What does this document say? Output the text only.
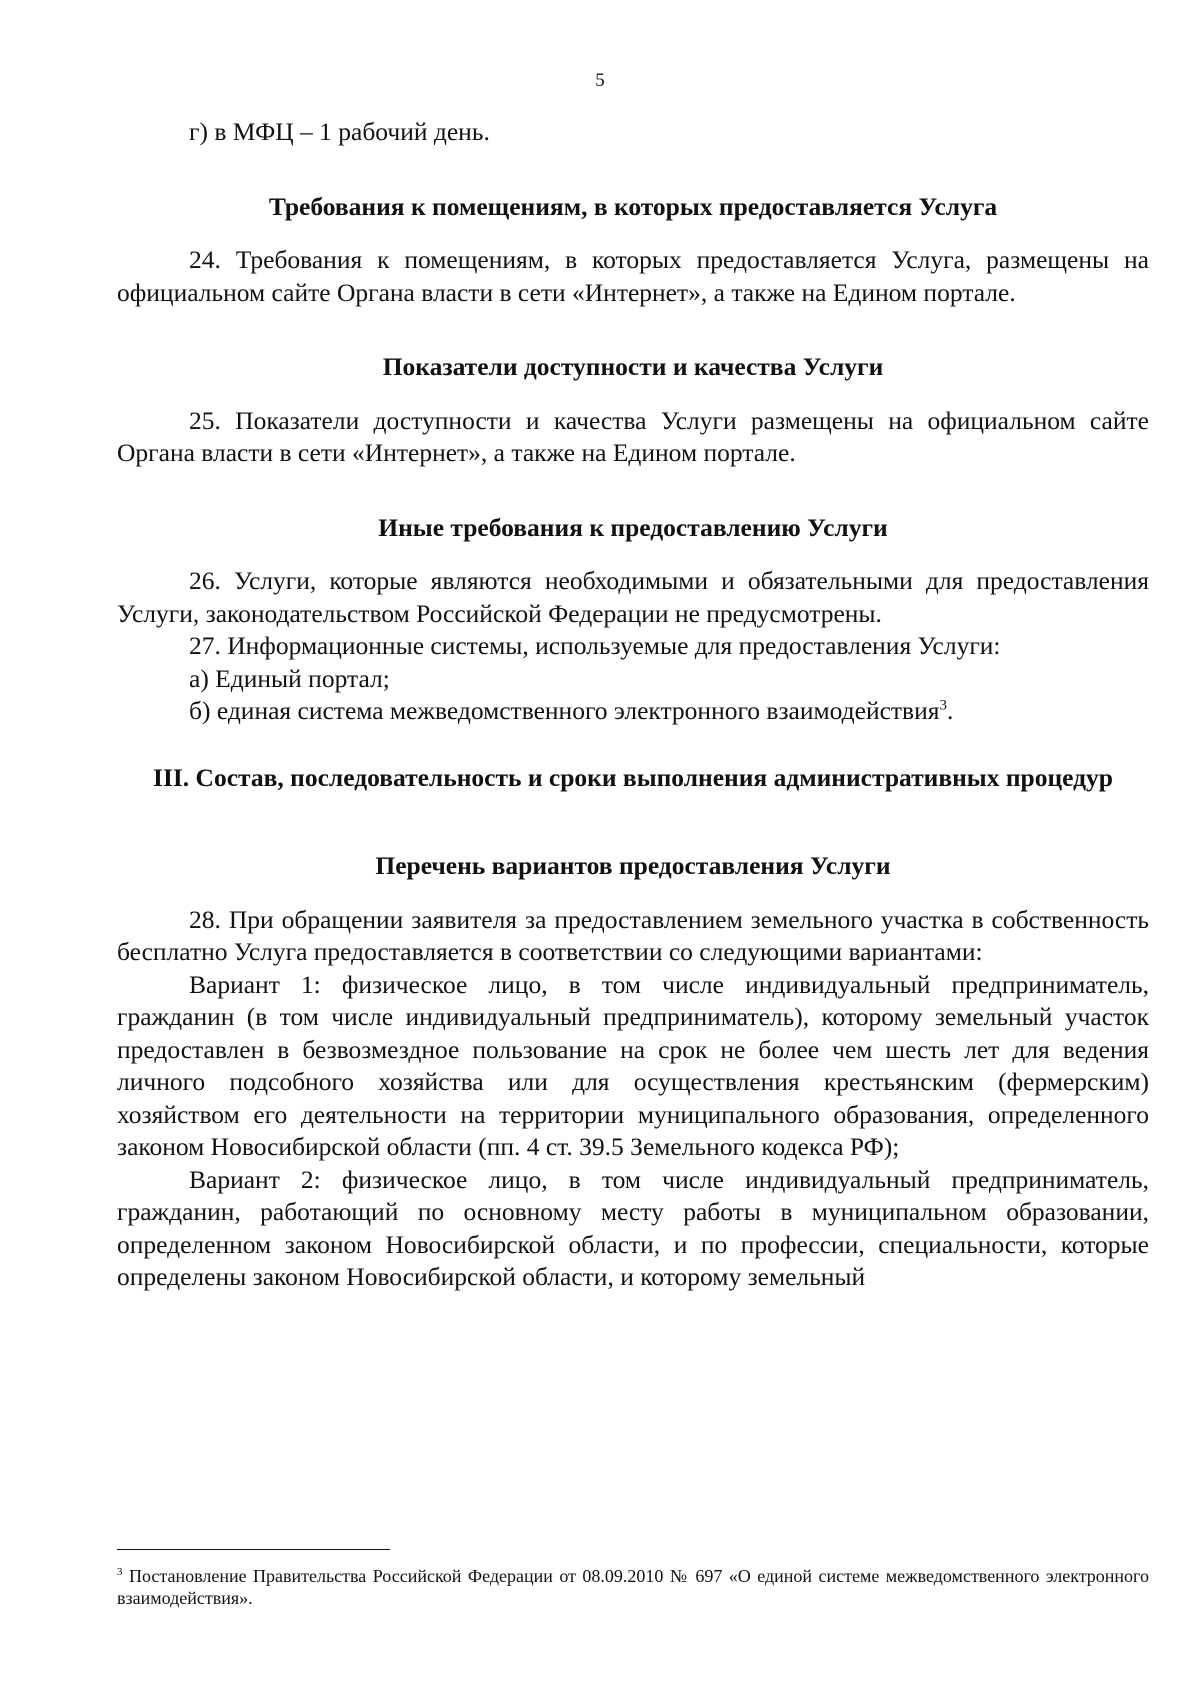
5

г) в МФЦ – 1 рабочий день.

Требования к помещениям, в которых предоставляется Услуга

24. Требования к помещениям, в которых предоставляется Услуга, размещены на официальном сайте Органа власти в сети «Интернет», а также на Едином портале.

Показатели доступности и качества Услуги

25. Показатели доступности и качества Услуги размещены на официальном сайте Органа власти в сети «Интернет», а также на Едином портале.

Иные требования к предоставлению Услуги

26. Услуги, которые являются необходимыми и обязательными для предоставления Услуги, законодательством Российской Федерации не предусмотрены.

27. Информационные системы, используемые для предоставления Услуги:

а) Единый портал;

б) единая система межведомственного электронного взаимодействия$^3$.

III. Состав, последовательность и сроки выполнения административных процедур

Перечень вариантов предоставления Услуги

28. При обращении заявителя за предоставлением земельного участка в собственность бесплатно Услуга предоставляется в соответствии со следующими вариантами:

Вариант 1: физическое лицо, в том числе индивидуальный предприниматель, гражданин (в том числе индивидуальный предприниматель), которому земельный участок предоставлен в безвозмездное пользование на срок не более чем шесть лет для ведения личного подсобного хозяйства или для осуществления крестьянским (фермерским) хозяйством его деятельности на территории муниципального образования, определенного законом Новосибирской области (пп. 4 ст. 39.5 Земельного кодекса РФ);

Вариант 2: физическое лицо, в том числе индивидуальный предприниматель, гражданин, работающий по основному месту работы в муниципальном образовании, определенном законом Новосибирской области, и по профессии, специальности, которые определены законом Новосибирской области, и которому земельный

$^3$ Постановление Правительства Российской Федерации от 08.09.2010 № 697 «О единой системе межведомственного электронного взаимодействия».
